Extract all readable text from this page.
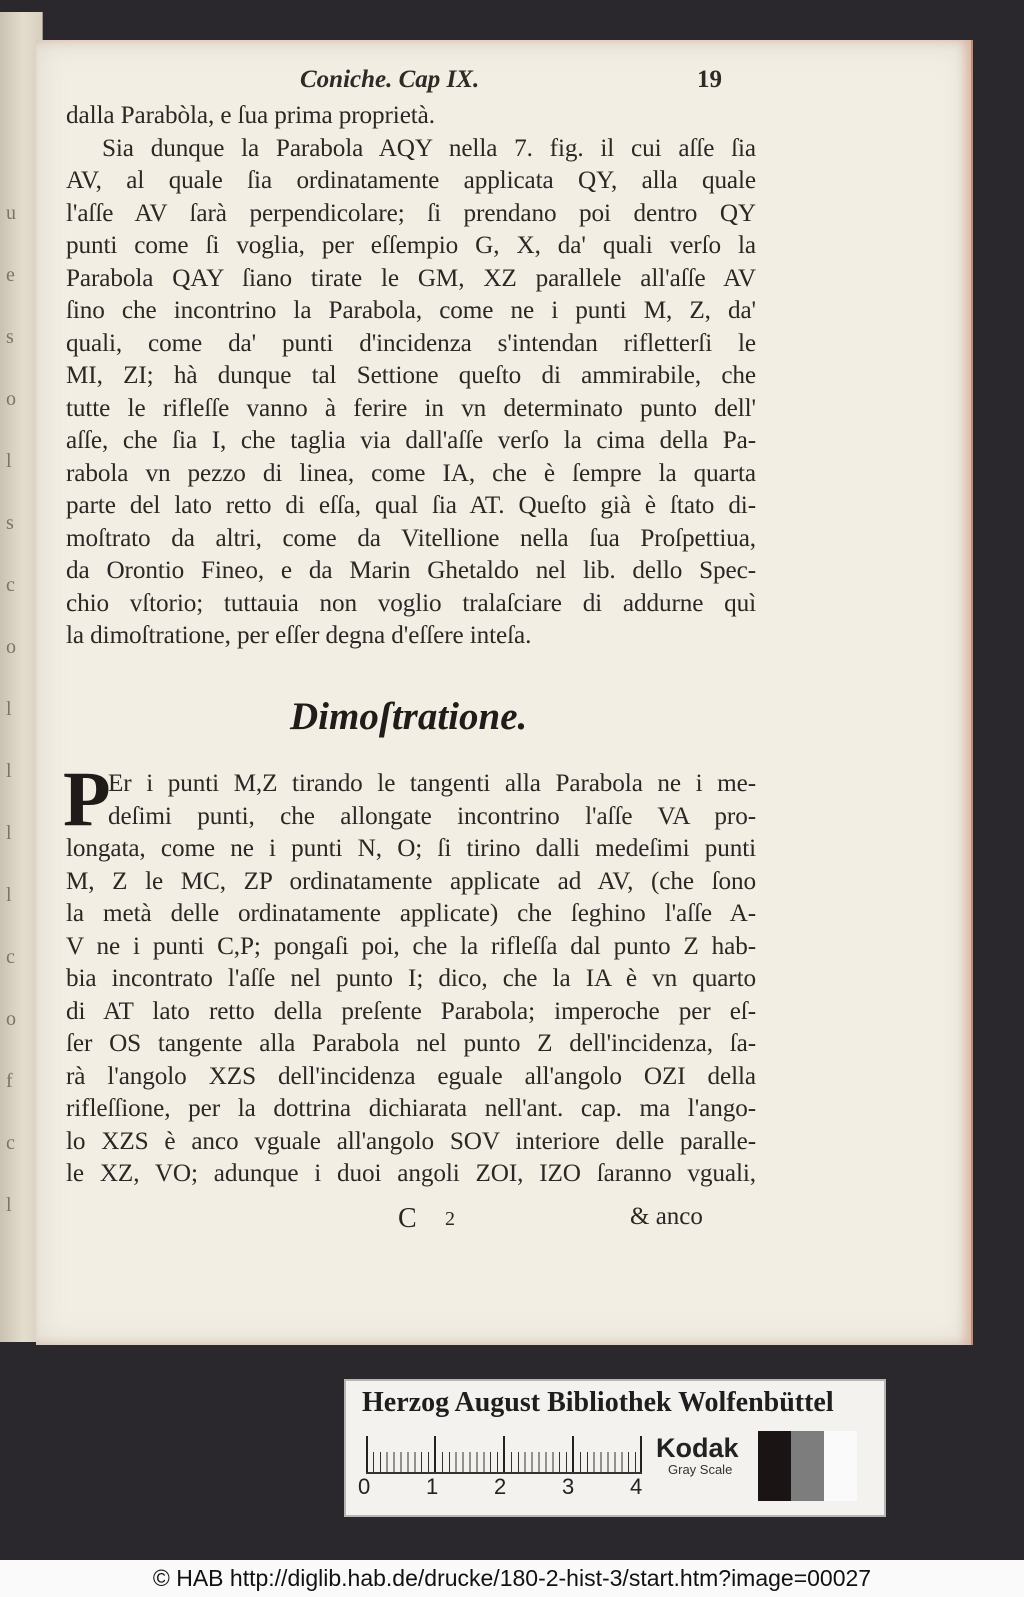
u
e
s
o
l
s
c
o
l
l
l
l
c
o
f
c
l
Coniche. Cap IX.	19
dalla Parabòla, e ſua prima proprietà.
Sia dunque la Parabola AQY nella 7. fig. il cui aſſe ſia
AV, al quale ſia ordinatamente applicata QY, alla quale
l'aſſe AV ſarà perpendicolare; ſi prendano poi dentro QY
punti come ſi voglia, per eſſempio G, X, da' quali verſo la
Parabola QAY ſiano tirate le GM, XZ parallele all'aſſe AV
ſino che incontrino la Parabola, come ne i punti M, Z, da'
quali, come da' punti d'incidenza s'intendan rifletterſi le
MI, ZI; hà dunque tal Settione queſto di ammirabile, che
tutte le rifleſſe vanno à ferire in vn determinato punto dell'
aſſe, che ſia I, che taglia via dall'aſſe verſo la cima della Pa-
rabola vn pezzo di linea, come IA, che è ſempre la quarta
parte del lato retto di eſſa, qual ſia AT. Queſto già è ſtato di-
moſtrato da altri, come da Vitellione nella ſua Proſpettiua,
da Orontio Fineo, e da Marin Ghetaldo nel lib. dello Spec-
chio vſtorio; tuttauia non voglio tralaſciare di addurne quì
la dimoſtratione, per eſſer degna d'eſſere inteſa.
Dimoſtratione.
P
Er i punti M,Z tirando le tangenti alla Parabola ne i me-
deſimi punti, che allongate incontrino l'aſſe VA pro-
longata, come ne i punti N, O; ſi tirino dalli medeſimi punti
M, Z le MC, ZP ordinatamente applicate ad AV, (che ſono
la metà delle ordinatamente applicate) che ſeghino l'aſſe A-
V ne i punti C,P; pongaſi poi, che la rifleſſa dal punto Z hab-
bia incontrato l'aſſe nel punto I; dico, che la IA è vn quarto
di AT lato retto della preſente Parabola; imperoche per eſ-
ſer OS tangente alla Parabola nel punto Z dell'incidenza, ſa-
rà l'angolo XZS dell'incidenza eguale all'angolo OZI della
rifleſſione, per la dottrina dichiarata nell'ant. cap. ma l'ango-
lo XZS è anco vguale all'angolo SOV interiore delle paralle-
le XZ, VO; adunque i duoi angoli ZOI, IZO ſaranno vguali,
C 2	& anco
Herzog August Bibliothek Wolfenbüttel
0	1	2	3	4
Kodak
Gray Scale
© HAB http://diglib.hab.de/drucke/180-2-hist-3/start.htm?image=00027
